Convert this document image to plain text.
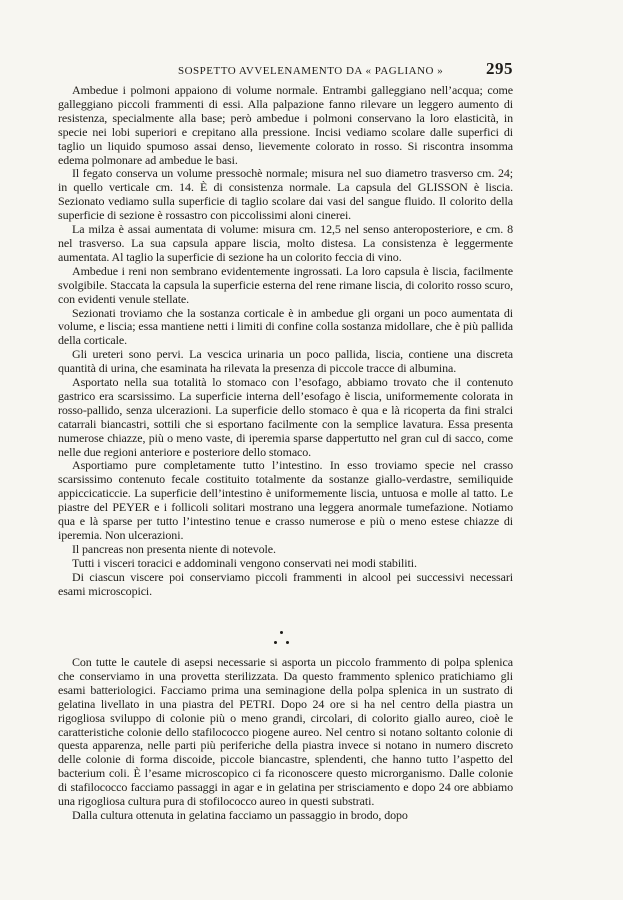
SOSPETTO AVVELENAMENTO DA « PAGLIANO »	295

Ambedue i polmoni appaiono di volume normale. Entrambi galleggiano nell’acqua; come galleggiano piccoli frammenti di essi. Alla palpazione fanno rilevare un leggero aumento di resistenza, specialmente alla base; però ambedue i polmoni conservano la loro elasticità, in specie nei lobi superiori e crepitano alla pressione. Incisi vediamo scolare dalle superfici di taglio un liquido spumoso assai denso, lievemente colorato in rosso. Si riscontra insomma edema polmonare ad ambedue le basi.

Il fegato conserva un volume pressochè normale; misura nel suo diametro trasverso cm. 24; in quello verticale cm. 14. È di consistenza normale. La capsula del GLISSON è liscia. Sezionato vediamo sulla superficie di taglio scolare dai vasi del sangue fluido. Il colorito della superficie di sezione è rossastro con piccolissimi aloni cinerei.

La milza è assai aumentata di volume: misura cm. 12,5 nel senso anteroposteriore, e cm. 8 nel trasverso. La sua capsula appare liscia, molto distesa. La consistenza è leggermente aumentata. Al taglio la superficie di sezione ha un colorito feccia di vino.

Ambedue i reni non sembrano evidentemente ingrossati. La loro capsula è liscia, facilmente svolgibile. Staccata la capsula la superficie esterna del rene rimane liscia, di colorito rosso scuro, con evidenti venule stellate.

Sezionati troviamo che la sostanza corticale è in ambedue gli organi un poco aumentata di volume, e liscia; essa mantiene netti i limiti di confine colla sostanza midollare, che è più pallida della corticale.

Gli ureteri sono pervi. La vescica urinaria un poco pallida, liscia, contiene una discreta quantità di urina, che esaminata ha rilevata la presenza di piccole tracce di albumina.

Asportato nella sua totalità lo stomaco con l’esofago, abbiamo trovato che il contenuto gastrico era scarsissimo. La superficie interna dell’esofago è liscia, uniformemente colorata in rosso-pallido, senza ulcerazioni. La superficie dello stomaco è qua e là ricoperta da fini stralci catarrali biancastri, sottili che si esportano facilmente con la semplice lavatura. Essa presenta numerose chiazze, più o meno vaste, di iperemia sparse dappertutto nel gran cul di sacco, come nelle due regioni anteriore e posteriore dello stomaco.

Asportiamo pure completamente tutto l’intestino. In esso troviamo specie nel crasso scarsissimo contenuto fecale costituito totalmente da sostanze giallo-verdastre, semiliquide appiccicaticcie. La superficie dell’intestino è uniformemente liscia, untuosa e molle al tatto. Le piastre del PEYER e i follicoli solitari mostrano una leggera anormale tumefazione. Notiamo qua e là sparse per tutto l’intestino tenue e crasso numerose e più o meno estese chiazze di iperemia. Non ulcerazioni.

Il pancreas non presenta niente di notevole.

Tutti i visceri toracici e addominali vengono conservati nei modi stabiliti.

Di ciascun viscere poi conserviamo piccoli frammenti in alcool pei successivi necessari esami microscopici.

Con tutte le cautele di asepsi necessarie si asporta un piccolo frammento di polpa splenica che conserviamo in una provetta sterilizzata. Da questo frammento splenico pratichiamo gli esami batteriologici. Facciamo prima una seminagione della polpa splenica in un sustrato di gelatina livellato in una piastra del PETRI. Dopo 24 ore si ha nel centro della piastra un rigogliosa sviluppo di colonie più o meno grandi, circolari, di colorito giallo aureo, cioè le caratteristiche colonie dello stafilococco piogene aureo. Nel centro si notano soltanto colonie di questa apparenza, nelle parti più periferiche della piastra invece si notano in numero discreto delle colonie di forma discoide, piccole biancastre, splendenti, che hanno tutto l’aspetto del bacterium coli. È l’esame microscopico ci fa riconoscere questo microrganismo. Dalle colonie di stafilococco facciamo passaggi in agar e in gelatina per strisciamento e dopo 24 ore abbiamo una rigogliosa cultura pura di stofilococco aureo in questi substrati.

Dalla cultura ottenuta in gelatina facciamo un passaggio in brodo, dopo
